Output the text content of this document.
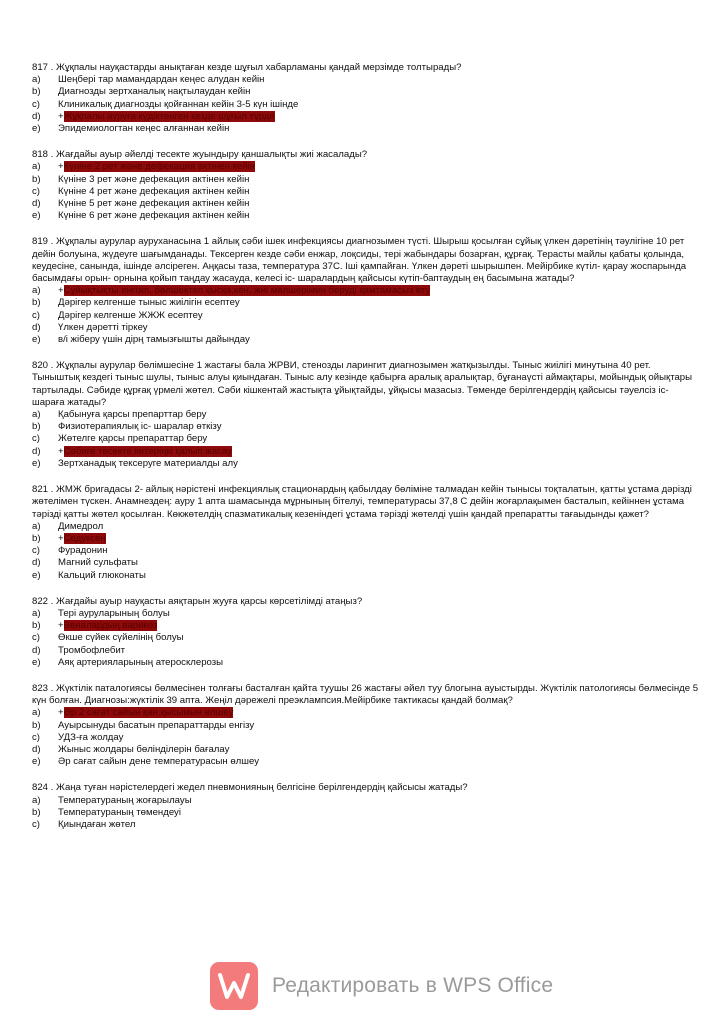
817 . Жұқпалы науқастарды анықтаған кезде шұғыл хабарламаны қандай мерзімде толтырады?

a)	Шеңбері тар мамандардан кеңес алудан кейін
b)	Диагнозды зертханалық нақтылаудан кейін
c)	Клиникалық диагнозды қойғаннан кейін 3-5 күн ішінде
d)	+Жұқпалы ауруға күдіктенген кезде шұғыл түрде
e)	Эпидемиологтан кеңес алғаннан кейін

818 . Жағдайы ауыр әйелді тесекте жуындыру қаншалықты жиі жасалады?

a)	+Күніне 2 рет және дефекация актінен кейін
b)	Күніне 3 рет және дефекация актінен кейін
c)	Күніне 4 рет және дефекация актінен кейін
d)	Күніне 5 рет және дефекация актінен кейін
e)	Күніне 6 рет және дефекация актінен кейін

819 . Жұқпалы аурулар ауруханасына 1 айлық сәби ішек инфекциясы диагнозымен түсті. Шырыш қосылған сұйық үлкен дәретінің тәулігіне 10 рет дейін болуына, жүдеуге шағымданады. Тексерген кезде сәби енжар, лоқсиды, тері жабындары бозарған, құрғақ. Терасты майлы қабаты қолында, кеудесіне, санында, ішінде әлсіреген. Аңқасы таза, температура 37С. Іші қампайған. Үлкен дәреті шырышпен. Мейірбике күтіл- қарау жоспарында басымдағы орын- орнына қойып таңдау жасауда, келесі іс- шаралардың қайсысы күтіп-баптаудың ең басымына жатады?

a)	+Сұйықтықты енгізіп, бөлшектеп қысқа,кен, жиі мөлшерімен беруді қамтамасыз ету
b)	Дәрігер келгенше тыныс жиілігін есептеу
c)	Дәрігер келгенше ЖЖЖ есептеу
d)	Үлкен дәретті тіркеу
e)	в/і жіберу үшін дірң тамызғышты дайындау

820 . Жұқпалы аурулар бөлімшесіне 1 жастағы бала ЖРВИ, стенозды ларингит диагнозымен жатқызылды. Тыныс жиілігі минутына 40 рет. Тыныштық кездегі тыныс шулы, тыныс алуы қиындаған. Тыныс алу кезінде қабырға аралық аралықтар, бұғанаүсті аймақтары, мойындық ойықтары тартылады. Сәбиде құрғақ үрмелі жөтел. Сәби кішкентай жастықта ұйықтайды, ұйқысы мазасыз. Төменде берілгендердің қайсысы тәуелсіз іс- шараға жатады?

a)	Қабынуға қарсы препарттар беру
b)	Физиотерапиялық іс- шаралар өткізу
c)	Жөтелге қарсы препараттар беру
d)	+Сәбиге төсекте көтеріңкі қалып жасау
e)	Зертханадық тексеруге материалды алу

821 . ЖМЖ бригадасы 2- айлық нәрістені инфекциялық стационардың қабылдау бөліміне талмадан кейін тынысы тоқталатын, қатты ұстама дәрізді жөтелімен түскен. Анамнездең: ауру 1 апта шамасында мұрнының бітелуі, температурасы 37,8 С дейін жоғарлақымен басталып, кейіннен ұстама тәрізді қатты жөтел қосылған. Көкжөтелдің спазматикалық кезеніндегі ұстама тәрізді жөтелді үшін қандай препаратты тағаыдынды қажет?

a)	Димедрол
b)	+Седуксен
c)	Фурадонин
d)	Магний сульфаты
e)	Кальций глюконаты

822 . Жағдайы ауыр науқасты аяқтарын жууға қарсы көрсетілімді атаңыз?

a)	Тері ауруларының болуы
b)	+Веналардың варикоз
c)	Өкше сүйек сүйелінің болуы
d)	Тромбофлебит
e)	Аяқ артерияларының атеросклерозы

823 . Жүктілік паталогиясы бөлмесінен толғағы басталған қайта туушы 26 жастағы әйел туу блогына ауыстырды. Жүктілік патологиясы бөлмесінде 5 күн болған. Диагнозы:жүктілік 39 апта. Жеңіл дәрежелі преэклампсия.Мейірбике тактикасы қандай болмақ?

a)	+Әр 2 сағат сайын қан қысымын өлшеу
b)	Ауырсынуды басатын препараттарды енгізу
c)	УДЗ-ға жолдау
d)	Жыныс жолдары бөлінділерін бағалау
e)	Әр сағат сайын дене температурасын өлшеу

824 . Жаңа туған нәрістелердегі жедел пневмонияның белгісіне берілгендердің қайсысы жатады?

a)	Температураның жоғарылауы
b)	Температураның төмендеуі
c)	Қиындаған жөтел
Редактировать в WPS Office
